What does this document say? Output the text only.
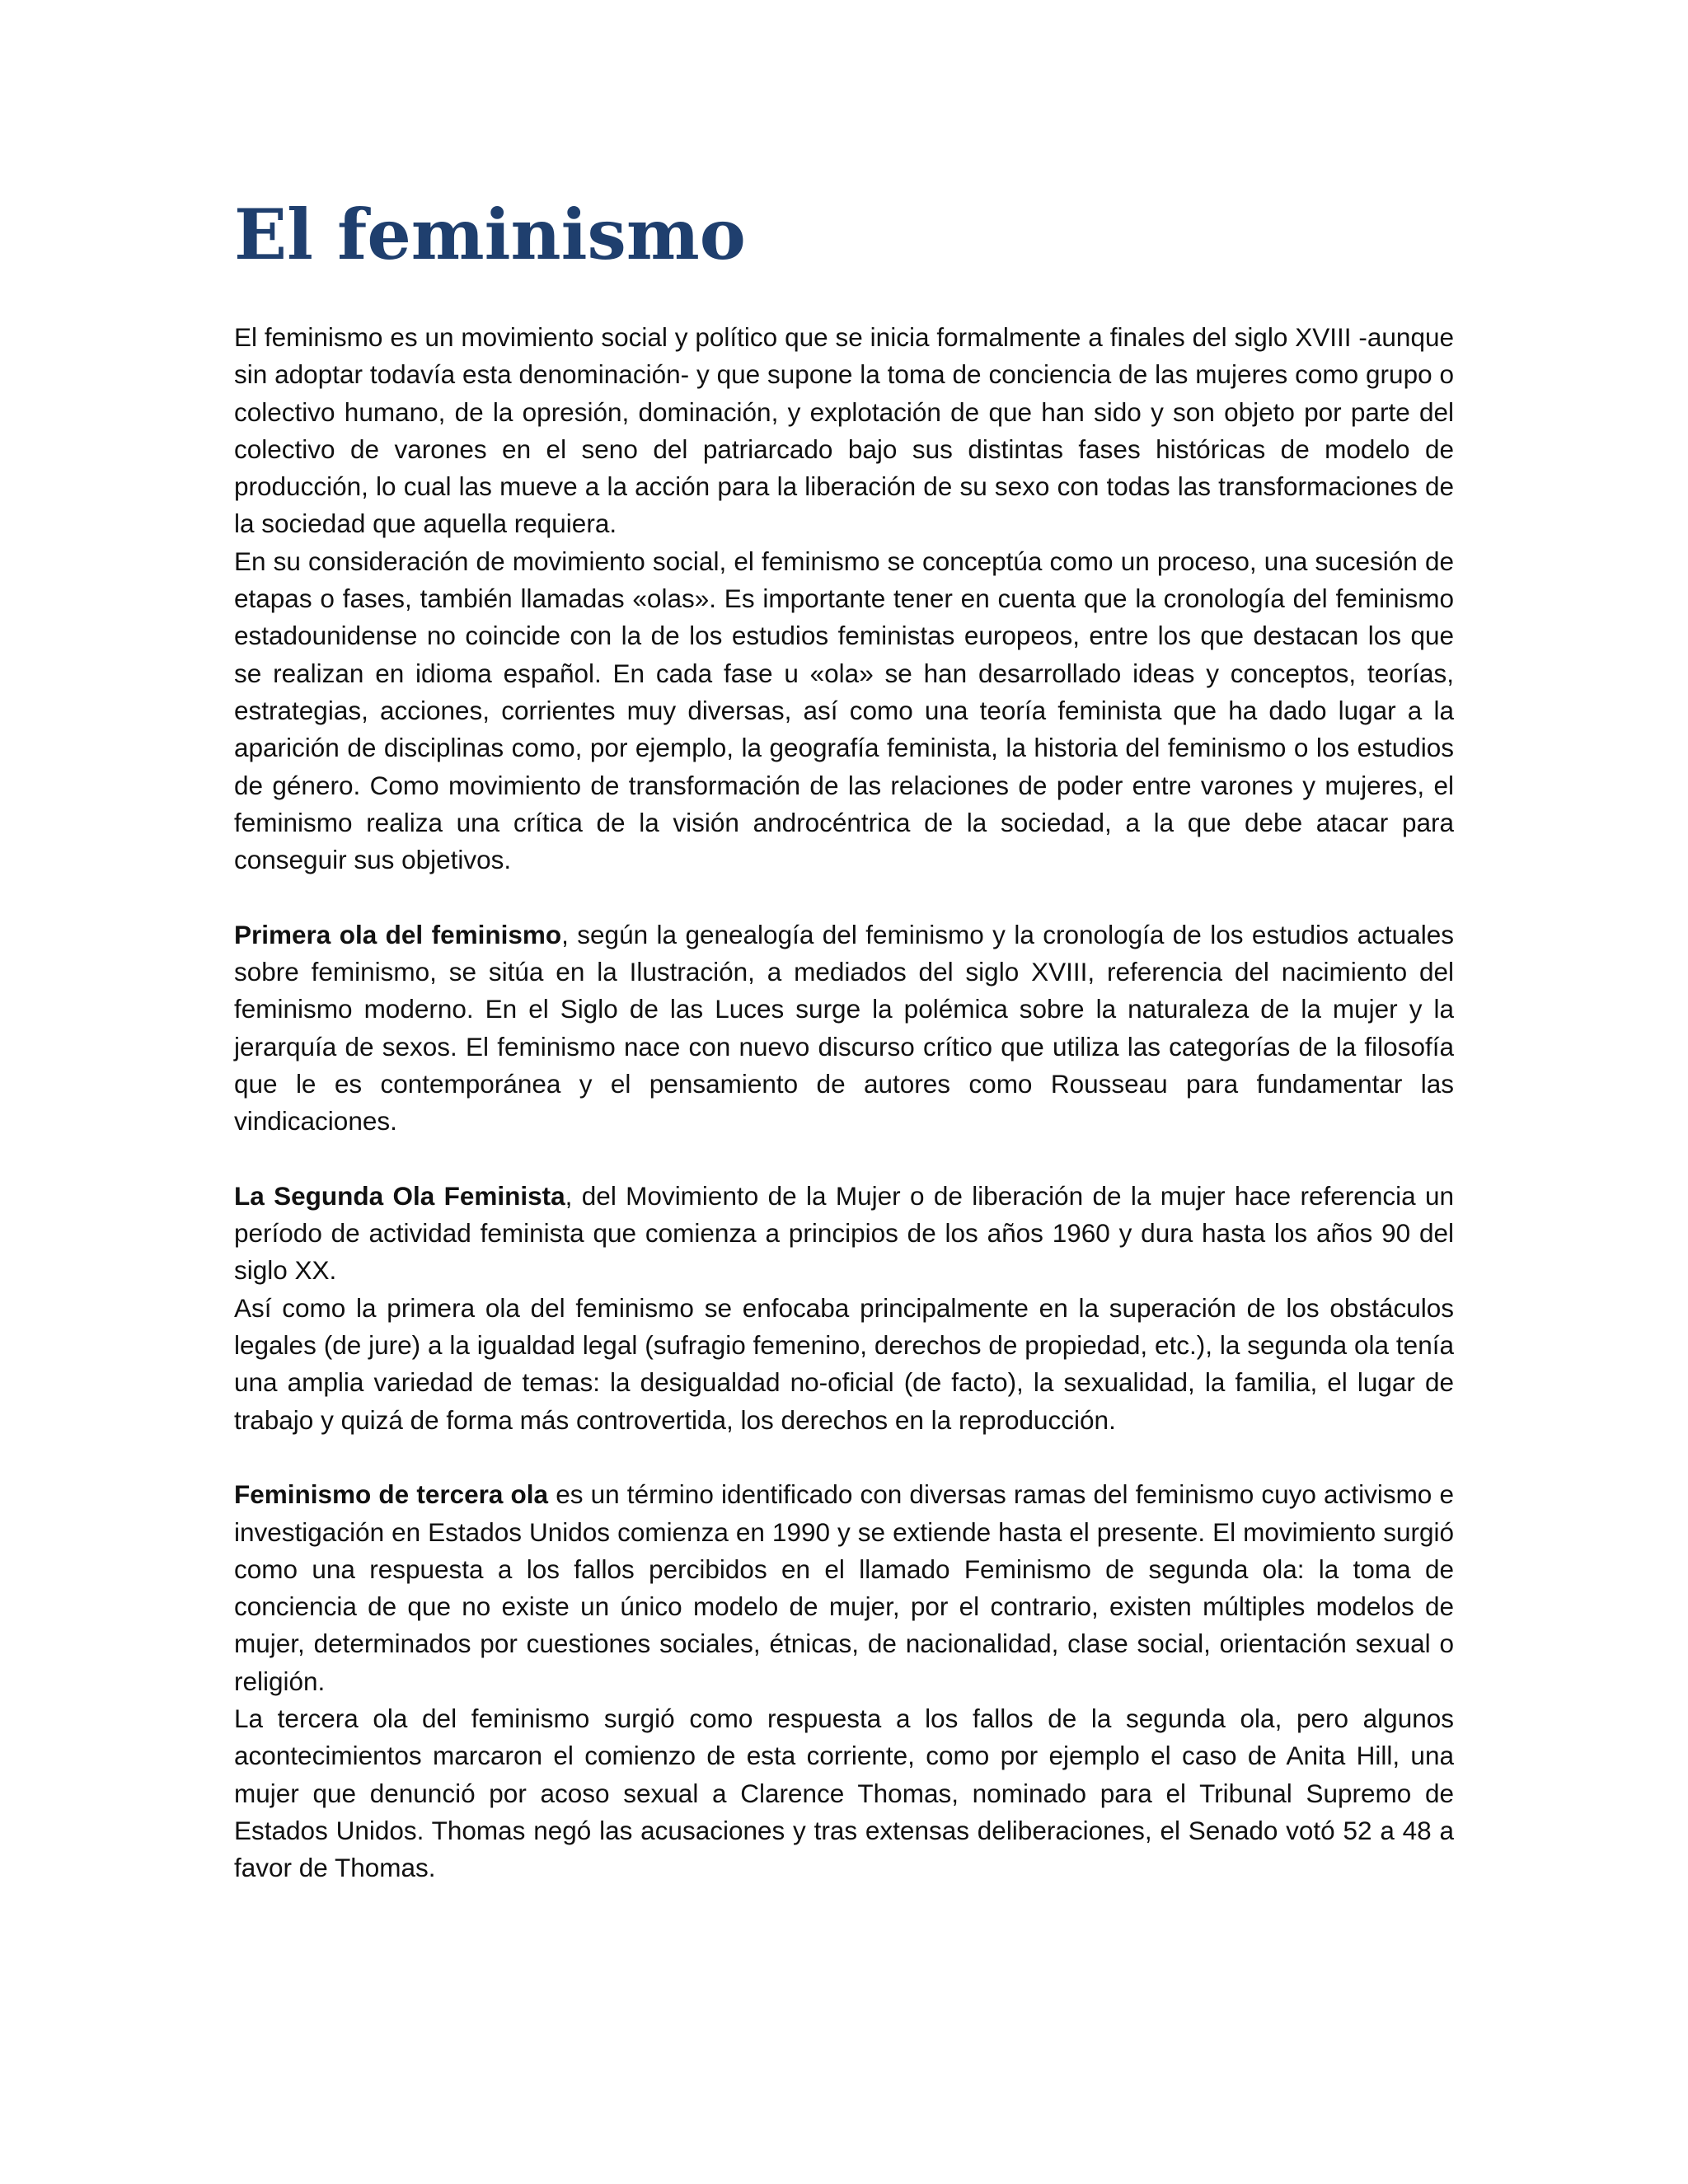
El feminismo

El feminismo es un movimiento social y político que se inicia formalmente a finales del siglo XVIII -aunque sin adoptar todavía esta denominación- y que supone la toma de conciencia de las mujeres como grupo o colectivo humano, de la opresión, dominación, y explotación de que han sido y son objeto por parte del colectivo de varones en el seno del patriarcado bajo sus distintas fases históricas de modelo de producción, lo cual las mueve a la acción para la liberación de su sexo con todas las transformaciones de la sociedad que aquella requiera.

En su consideración de movimiento social, el feminismo se conceptúa como un proceso, una sucesión de etapas o fases, también llamadas «olas». Es importante tener en cuenta que la cronología del feminismo estadounidense no coincide con la de los estudios feministas europeos, entre los que destacan los que se realizan en idioma español. En cada fase u «ola» se han desarrollado ideas y conceptos, teorías, estrategias, acciones, corrientes muy diversas, así como una teoría feminista que ha dado lugar a la aparición de disciplinas como, por ejemplo, la geografía feminista, la historia del feminismo o los estudios de género. Como movimiento de transformación de las relaciones de poder entre varones y mujeres, el feminismo realiza una crítica de la visión androcéntrica de la sociedad, a la que debe atacar para conseguir sus objetivos.

Primera ola del feminismo, según la genealogía del feminismo y la cronología de los estudios actuales sobre feminismo, se sitúa en la Ilustración, a mediados del siglo XVIII, referencia del nacimiento del feminismo moderno. En el Siglo de las Luces surge la polémica sobre la naturaleza de la mujer y la jerarquía de sexos. El feminismo nace con nuevo discurso crítico que utiliza las categorías de la filosofía que le es contemporánea y el pensamiento de autores como Rousseau para fundamentar las vindicaciones.

La Segunda Ola Feminista, del Movimiento de la Mujer o de liberación de la mujer hace referencia un período de actividad feminista que comienza a principios de los años 1960 y dura hasta los años 90 del siglo XX.

Así como la primera ola del feminismo se enfocaba principalmente en la superación de los obstáculos legales (de jure) a la igualdad legal (sufragio femenino, derechos de propiedad, etc.), la segunda ola tenía una amplia variedad de temas: la desigualdad no-oficial (de facto), la sexualidad, la familia, el lugar de trabajo y quizá de forma más controvertida, los derechos en la reproducción.

Feminismo de tercera ola es un término identificado con diversas ramas del feminismo cuyo activismo e investigación en Estados Unidos comienza en 1990 y se extiende hasta el presente. El movimiento surgió como una respuesta a los fallos percibidos en el llamado Feminismo de segunda ola: la toma de conciencia de que no existe un único modelo de mujer, por el contrario, existen múltiples modelos de mujer, determinados por cuestiones sociales, étnicas, de nacionalidad, clase social, orientación sexual o religión.

La tercera ola del feminismo surgió como respuesta a los fallos de la segunda ola, pero algunos acontecimientos marcaron el comienzo de esta corriente, como por ejemplo el caso de Anita Hill, una mujer que denunció por acoso sexual a Clarence Thomas, nominado para el Tribunal Supremo de Estados Unidos. Thomas negó las acusaciones y tras extensas deliberaciones, el Senado votó 52 a 48 a favor de Thomas.
